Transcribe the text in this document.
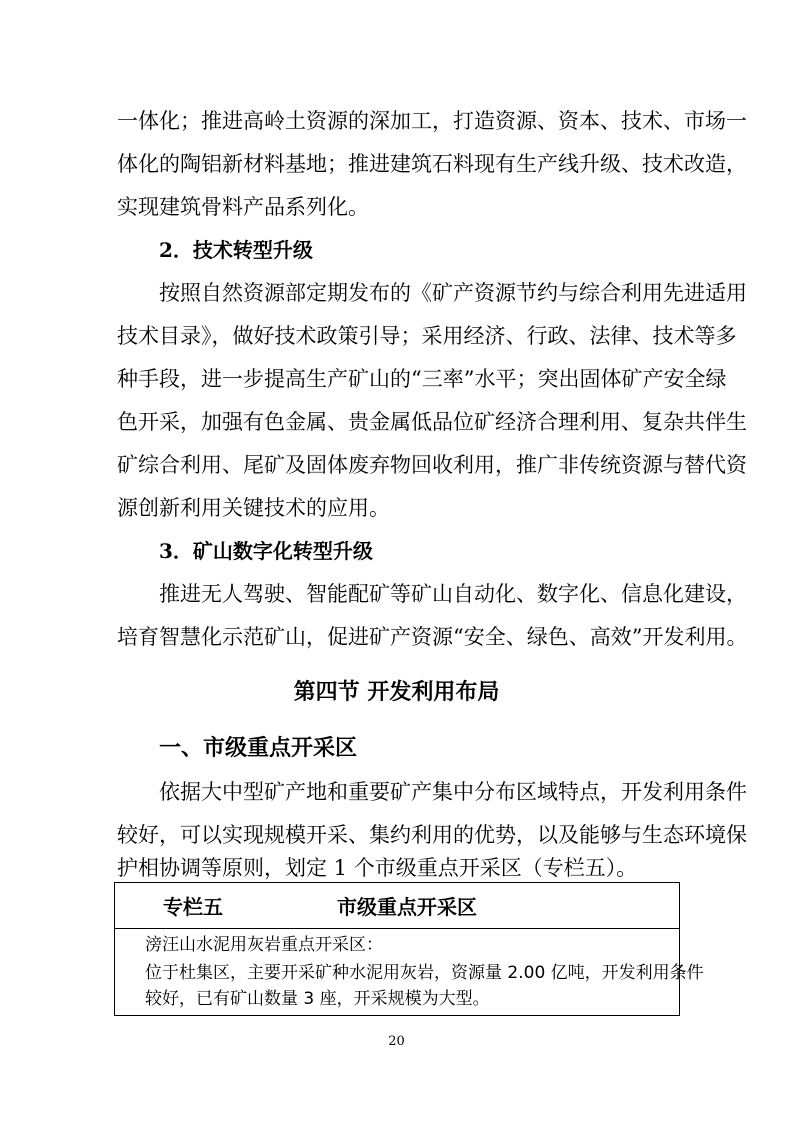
一体化；推进高岭土资源的深加工，打造资源、资本、技术、市场一
体化的陶铝新材料基地；推进建筑石料现有生产线升级、技术改造，
实现建筑骨料产品系列化。
2．技术转型升级
按照自然资源部定期发布的《矿产资源节约与综合利用先进适用
技术目录》，做好技术政策引导；采用经济、行政、法律、技术等多
种手段，进一步提高生产矿山的“三率”水平；突出固体矿产安全绿
色开采，加强有色金属、贵金属低品位矿经济合理利用、复杂共伴生
矿综合利用、尾矿及固体废弃物回收利用，推广非传统资源与替代资
源创新利用关键技术的应用。
3．矿山数字化转型升级
推进无人驾驶、智能配矿等矿山自动化、数字化、信息化建设，
培育智慧化示范矿山，促进矿产资源“安全、绿色、高效”开发利用。
第四节 开发利用布局
一、市级重点开采区
依据大中型矿产地和重要矿产集中分布区域特点，开发利用条件
较好，可以实现规模开采、集约利用的优势，以及能够与生态环境保
护相协调等原则，划定 1 个市级重点开采区（专栏五）。
专栏五	市级重点开采区
滂汪山水泥用灰岩重点开采区：
位于杜集区，主要开采矿种水泥用灰岩，资源量 2.00 亿吨，开发利用条件
较好，已有矿山数量 3 座，开采规模为大型。
20
